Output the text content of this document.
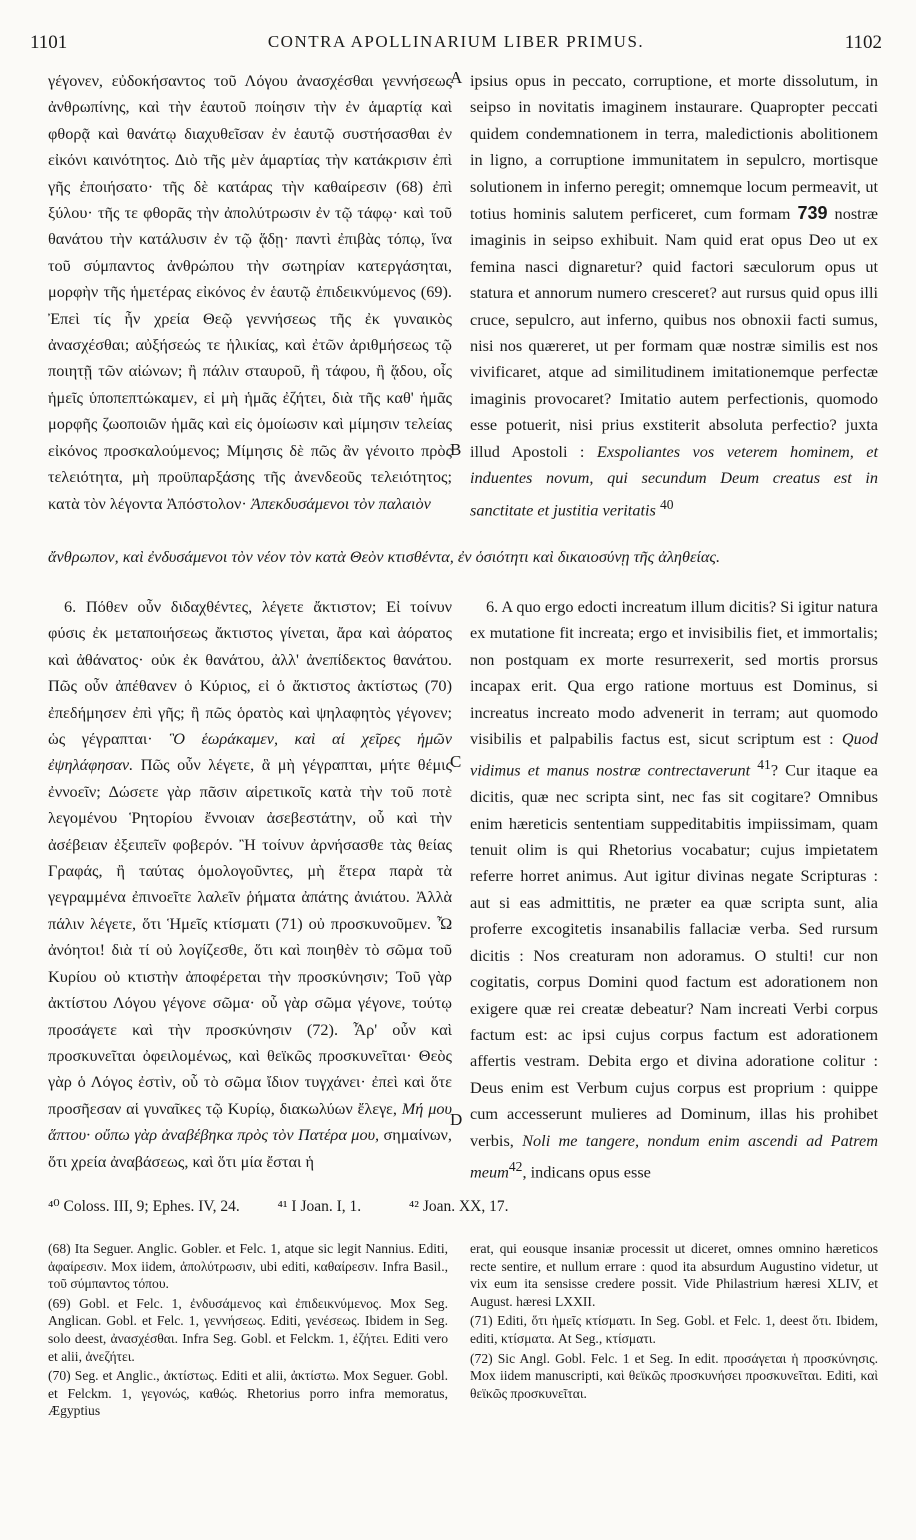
1101	CONTRA APOLLINARIUM LIBER PRIMUS.	1102
A
B
C
D

γέγονεν, εὐδοκήσαντος τοῦ Λόγου ἀνασχέσθαι γεννήσεως ἀνθρωπίνης, καὶ τὴν ἑαυτοῦ ποίησιν τὴν ἐν ἁμαρτίᾳ καὶ φθορᾷ καὶ θανάτῳ διαχυθεῖσαν ἐν ἑαυτῷ συστήσασθαι ἐν εἰκόνι καινότητος. Διὸ τῆς μὲν ἁμαρτίας τὴν κατάκρισιν ἐπὶ γῆς ἐποιήσατο· τῆς δὲ κατάρας τὴν καθαίρεσιν (68) ἐπὶ ξύλου· τῆς τε φθορᾶς τὴν ἀπολύτρωσιν ἐν τῷ τάφῳ· καὶ τοῦ θανάτου τὴν κατάλυσιν ἐν τῷ ᾅδῃ· παντὶ ἐπιβὰς τόπῳ, ἵνα τοῦ σύμπαντος ἀνθρώπου τὴν σωτηρίαν κατεργάσηται, μορφὴν τῆς ἡμετέρας εἰκόνος ἐν ἑαυτῷ ἐπιδεικνύμενος (69). Ἐπεὶ τίς ἦν χρεία Θεῷ γεννήσεως τῆς ἐκ γυναικὸς ἀνασχέσθαι; αὐξήσεώς τε ἡλικίας, καὶ ἐτῶν ἀριθμήσεως τῷ ποιητῇ τῶν αἰώνων; ἢ πάλιν σταυροῦ, ἢ τάφου, ἢ ᾅδου, οἷς ἡμεῖς ὑποπεπτώκαμεν, εἰ μὴ ἡμᾶς ἐζήτει, διὰ τῆς καθ' ἡμᾶς μορφῆς ζωοποιῶν ἡμᾶς καὶ εἰς ὁμοίωσιν καὶ μίμησιν τελείας εἰκόνος προσκαλούμενος; Μίμησις δὲ πῶς ἂν γένοιτο πρὸς τελειότητα, μὴ προϋπαρξάσης τῆς ἀνενδεοῦς τελειότητος; κατὰ τὸν λέγοντα Ἀπόστολον· Ἀπεκδυσάμενοι τὸν παλαιὸν

ipsius opus in peccato, corruptione, et morte dissolutum, in seipso in novitatis imaginem instaurare. Quapropter peccati quidem condemnationem in terra, maledictionis abolitionem in ligno, a corruptione immunitatem in sepulcro, mortisque solutionem in inferno peregit; omnemque locum permeavit, ut totius hominis salutem perficeret, cum formam 739 nostræ imaginis in seipso exhibuit. Nam quid erat opus Deo ut ex femina nasci dignaretur? quid factori sæculorum opus ut statura et annorum numero cresceret? aut rursus quid opus illi cruce, sepulcro, aut inferno, quibus nos obnoxii facti sumus, nisi nos quæreret, ut per formam quæ nostræ similis est nos vivificaret, atque ad similitudinem imitationemque perfectæ imaginis provocaret? Imitatio autem perfectionis, quomodo esse potuerit, nisi prius exstiterit absoluta perfectio? juxta illud Apostoli : Exspoliantes vos veterem hominem, et induentes novum, qui secundum Deum creatus est in sanctitate et justitia veritatis $^{40}$

ἄνθρωπον, καὶ ἐνδυσάμενοι τὸν νέον τὸν κατὰ Θεὸν κτισθέντα, ἐν ὁσιότητι καὶ δικαιοσύνῃ τῆς ἀληθείας.

6. Πόθεν οὖν διδαχθέντες, λέγετε ἄκτιστον; Εἰ τοίνυν φύσις ἐκ μεταποιήσεως ἄκτιστος γίνεται, ἄρα καὶ ἀόρατος καὶ ἀθάνατος· οὐκ ἐκ θανάτου, ἀλλ' ἀνεπίδεκτος θανάτου. Πῶς οὖν ἀπέθανεν ὁ Κύριος, εἰ ὁ ἄκτιστος ἀκτίστως (70) ἐπεδήμησεν ἐπὶ γῆς; ἢ πῶς ὁρατὸς καὶ ψηλαφητὸς γέγονεν; ὡς γέγραπται· Ὃ ἑωράκαμεν, καὶ αἱ χεῖρες ἡμῶν ἐψηλάφησαν. Πῶς οὖν λέγετε, ἃ μὴ γέγραπται, μήτε θέμις ἐννοεῖν; Δώσετε γὰρ πᾶσιν αἱρετικοῖς κατὰ τὴν τοῦ ποτὲ λεγομένου Ῥητορίου ἔννοιαν ἀσεβεστάτην, οὗ καὶ τὴν ἀσέβειαν ἐξειπεῖν φοβερόν. Ἢ τοίνυν ἀρνήσασθε τὰς θείας Γραφάς, ἢ ταύτας ὁμολογοῦντες, μὴ ἕτερα παρὰ τὰ γεγραμμένα ἐπινοεῖτε λαλεῖν ῥήματα ἀπάτης ἀνιάτου. Ἀλλὰ πάλιν λέγετε, ὅτι Ἡμεῖς κτίσματι (71) οὐ προσκυνοῦμεν. Ὦ ἀνόητοι! διὰ τί οὐ λογίζεσθε, ὅτι καὶ ποιηθὲν τὸ σῶμα τοῦ Κυρίου οὐ κτιστὴν ἀποφέρεται τὴν προσκύνησιν; Τοῦ γὰρ ἀκτίστου Λόγου γέγονε σῶμα· οὗ γὰρ σῶμα γέγονε, τούτῳ προσάγετε καὶ τὴν προσκύνησιν (72). Ἆρ' οὖν καὶ προσκυνεῖται ὀφειλομένως, καὶ θεϊκῶς προσκυνεῖται· Θεὸς γὰρ ὁ Λόγος ἐστὶν, οὗ τὸ σῶμα ἴδιον τυγχάνει· ἐπεὶ καὶ ὅτε προσῆεσαν αἱ γυναῖκες τῷ Κυρίῳ, διακωλύων ἔλεγε, Μή μου ἅπτου· οὔπω γὰρ ἀναβέβηκα πρὸς τὸν Πατέρα μου, σημαίνων, ὅτι χρεία ἀναβάσεως, καὶ ὅτι μία ἔσται ἡ

6. A quo ergo edocti increatum illum dicitis? Si igitur natura ex mutatione fit increata; ergo et invisibilis fiet, et immortalis; non postquam ex morte resurrexerit, sed mortis prorsus incapax erit. Qua ergo ratione mortuus est Dominus, si increatus increato modo advenerit in terram; aut quomodo visibilis et palpabilis factus est, sicut scriptum est : Quod vidimus et manus nostræ contrectaverunt $^{41}$? Cur itaque ea dicitis, quæ nec scripta sint, nec fas sit cogitare? Omnibus enim hæreticis sententiam suppeditabitis impiissimam, quam tenuit olim is qui Rhetorius vocabatur; cujus impietatem referre horret animus. Aut igitur divinas negate Scripturas : aut si eas admittitis, ne præter ea quæ scripta sunt, alia proferre excogitetis insanabilis fallaciæ verba. Sed rursum dicitis : Nos creaturam non adoramus. O stulti! cur non cogitatis, corpus Domini quod factum est adorationem non exigere quæ rei creatæ debeatur? Nam increati Verbi corpus factum est: ac ipsi cujus corpus factum est adorationem affertis vestram. Debita ergo et divina adoratione colitur : Deus enim est Verbum cujus corpus est proprium : quippe cum accesserunt mulieres ad Dominum, illas his prohibet verbis, Noli me tangere, nondum enim ascendi ad Patrem meum$^{42}$, indicans opus esse

⁴⁰ Coloss. III, 9; Ephes. IV, 24. ⁴¹ I Joan. I, 1.	⁴² Joan. XX, 17.

(68) Ita Seguer. Anglic. Gobler. et Felc. 1, atque sic legit Nannius. Editi, ἀφαίρεσιν. Mox iidem, ἀπολύτρωσιν, ubi editi, καθαίρεσιν. Infra Basil., τοῦ σύμπαντος τόπου.

(69) Gobl. et Felc. 1, ἐνδυσάμενος καὶ ἐπιδεικνύμενος. Mox Seg. Anglican. Gobl. et Felc. 1, γεννήσεως. Editi, γενέσεως. Ibidem in Seg. solo deest, ἀνασχέσθαι. Infra Seg. Gobl. et Felckm. 1, ἐζήτει. Editi vero et alii, ἀνεζήτει.

(70) Seg. et Anglic., ἀκτίστως. Editi et alii, ἀκτίστω. Mox Seguer. Gobl. et Felckm. 1, γεγονώς, καθώς. Rhetorius porro infra memoratus, Ægyptius

erat, qui eousque insaniæ processit ut diceret, omnes omnino hæreticos recte sentire, et nullum errare : quod ita absurdum Augustino videtur, ut vix eum ita sensisse credere possit. Vide Philastrium hæresi XLIV, et August. hæresi LXXII.

(71) Editi, ὅτι ἡμεῖς κτίσματι. In Seg. Gobl. et Felc. 1, deest ὅτι. Ibidem, editi, κτίσματα. At Seg., κτίσματι.

(72) Sic Angl. Gobl. Felc. 1 et Seg. In edit. προσάγεται ἡ προσκύνησις. Mox iidem manuscripti, καὶ θεϊκῶς προσκυνήσει προσκυνεῖται. Editi, καὶ θεϊκῶς προσκυνεῖται.
